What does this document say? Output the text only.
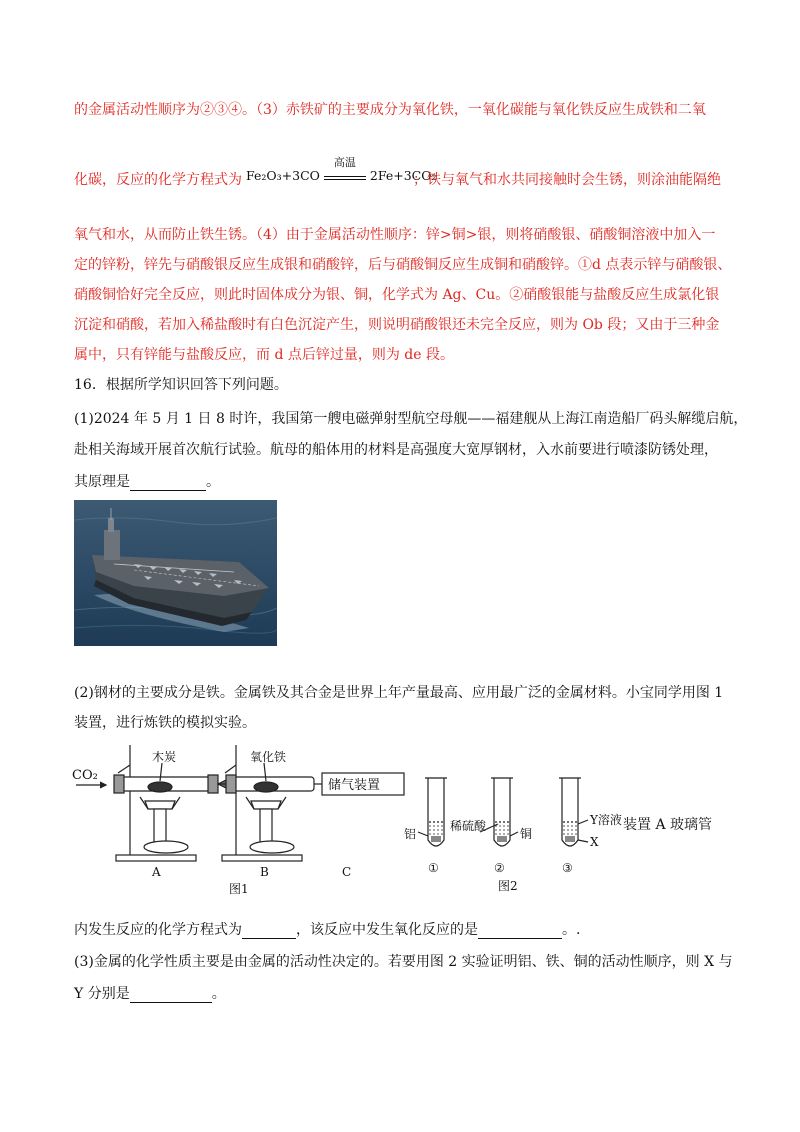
的金属活动性顺序为②③④。（3）赤铁矿的主要成分为氧化铁，一氧化碳能与氧化铁反应生成铁和二氧
化碳，反应的化学方程式为 Fe₂O₃+3CO
高温
2Fe+3CO₂
；铁与氧气和水共同接触时会生锈，则涂油能隔绝
氧气和水，从而防止铁生锈。（4）由于金属活动性顺序：锌>铜>银，则将硝酸银、硝酸铜溶液中加入一
定的锌粉，锌先与硝酸银反应生成银和硝酸锌，后与硝酸铜反应生成铜和硝酸锌。①d 点表示锌与硝酸银、
硝酸铜恰好完全反应，则此时固体成分为银、铜，化学式为 Ag、Cu。②硝酸银能与盐酸反应生成氯化银
沉淀和硝酸，若加入稀盐酸时有白色沉淀产生，则说明硝酸银还未完全反应，则为 Ob 段；又由于三种金
属中，只有锌能与盐酸反应，而 d 点后锌过量，则为 de 段。
16．根据所学知识回答下列问题。
(1)2024 年 5 月 1 日 8 时许，我国第一艘电磁弹射型航空母舰——福建舰从上海江南造船厂码头解缆启航，
赴相关海域开展首次航行试验。航母的船体用的材料是高强度大宽厚钢材，入水前要进行喷漆防锈处理，
其原理是	。
(2)钢材的主要成分是铁。金属铁及其合金是世界上年产量最高、应用最广泛的金属材料。小宝同学用图 1
装置，进行炼铁的模拟实验。
CO₂
储气装置
木炭	氧化铁
A	B	C
图1
铝
①
稀硫酸
铜
②
Y溶液
X
③
图2
装置 A 玻璃管
内发生反应的化学方程式为	，该反应中发生氧化反应的是	。.
(3)金属的化学性质主要是由金属的活动性决定的。若要用图 2 实验证明铝、铁、铜的活动性顺序，则 X 与
Y 分别是	。
